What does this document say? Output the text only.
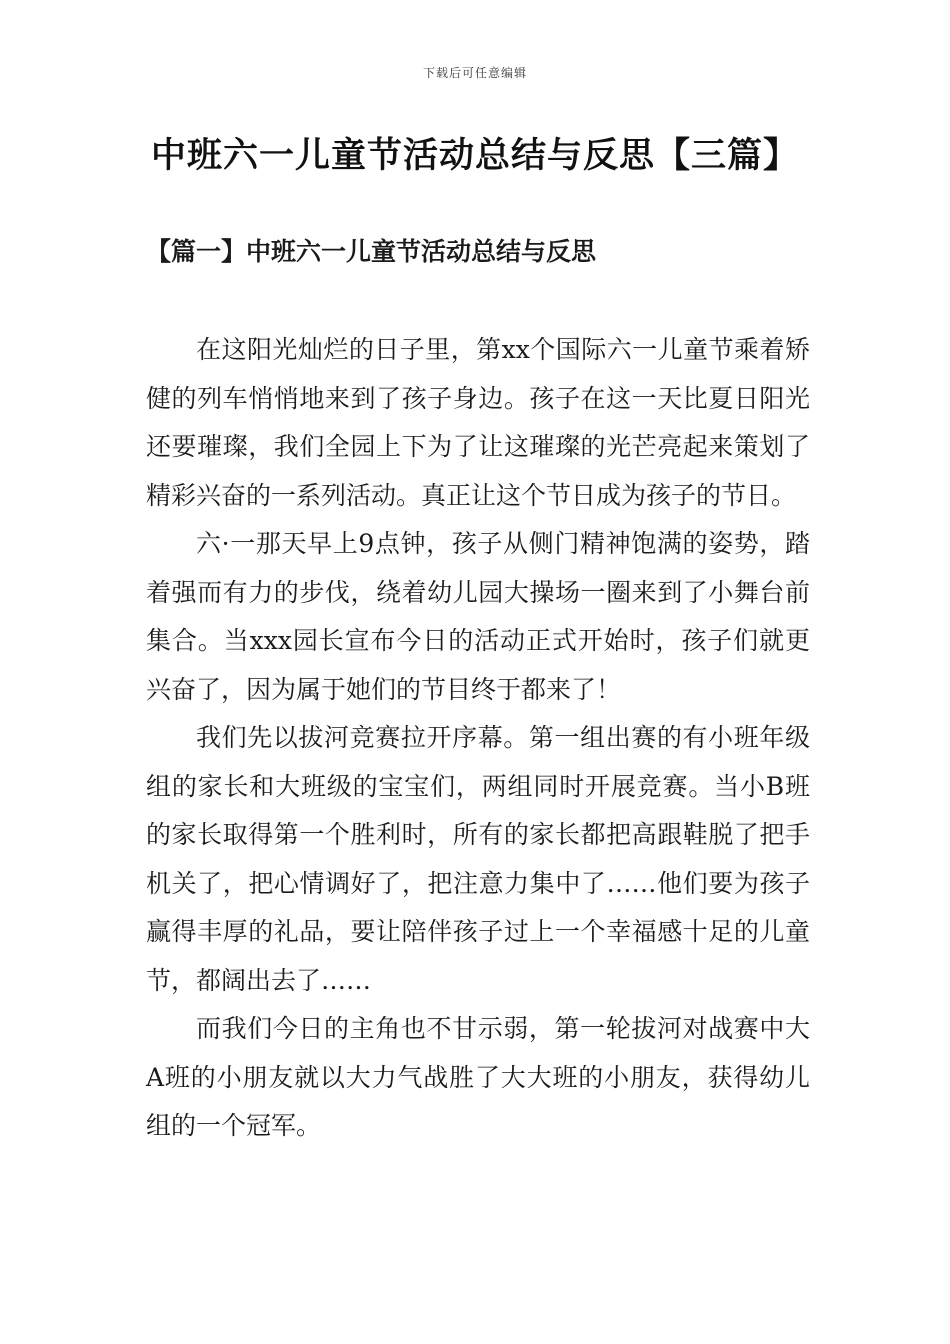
下载后可任意编辑
中班六一儿童节活动总结与反思【三篇】
【篇一】中班六一儿童节活动总结与反思

在这阳光灿烂的日子里，第xx个国际六一儿童节乘着矫健的列车悄悄地来到了孩子身边。孩子在这一天比夏日阳光还要璀璨，我们全园上下为了让这璀璨的光芒亮起来策划了精彩兴奋的一系列活动。真正让这个节日成为孩子的节日。

六·一那天早上9点钟，孩子从侧门精神饱满的姿势，踏着强而有力的步伐，绕着幼儿园大操场一圈来到了小舞台前集合。当xxx园长宣布今日的活动正式开始时，孩子们就更兴奋了，因为属于她们的节目终于都来了！

我们先以拔河竞赛拉开序幕。第一组出赛的有小班年级组的家长和大班级的宝宝们，两组同时开展竞赛。当小B班的家长取得第一个胜利时，所有的家长都把高跟鞋脱了把手机关了，把心情调好了，把注意力集中了……他们要为孩子赢得丰厚的礼品，要让陪伴孩子过上一个幸福感十足的儿童节，都阔出去了……

而我们今日的主角也不甘示弱，第一轮拔河对战赛中大A班的小朋友就以大力气战胜了大大班的小朋友，获得幼儿组的一个冠军。
